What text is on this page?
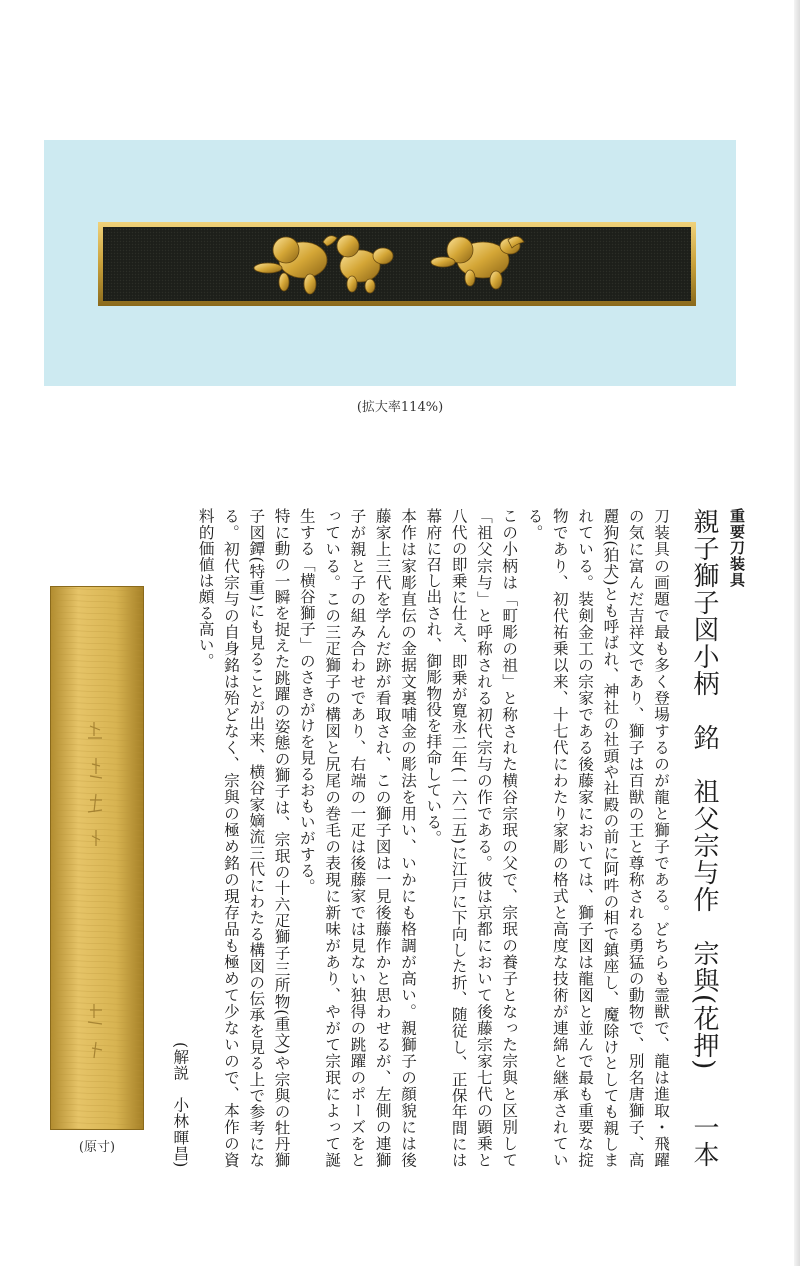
(拡大率114%)
(原寸)
重要刀装具
親子獅子図小柄　銘　祖父宗与作　宗與(花押)
一本

刀装具の画題で最も多く登場するのが龍と獅子である。どちらも霊獣で、龍は進取・飛躍の気に富んだ吉祥文であり、獅子は百獣の王と尊称される勇猛の動物で、別名唐獅子、高麗狗(狛犬)とも呼ばれ、神社の社頭や社殿の前に阿吽の相で鎮座し、魔除けとしても親しまれている。装剣金工の宗家である後藤家においては、獅子図は龍図と並んで最も重要な掟物であり、初代祐乗以来、十七代にわたり家彫の格式と高度な技術が連綿と継承されている。

この小柄は「町彫の祖」と称された横谷宗珉の父で、宗珉の養子となった宗與と区別して「祖父宗与」と呼称される初代宗与の作である。彼は京都において後藤宗家七代の顕乗と八代の即乗に仕え、即乗が寛永二年(一六二五)に江戸に下向した折、随従し、正保年間には幕府に召し出され、御彫物役を拝命している。

本作は家彫直伝の金据文裏哺金の彫法を用い、いかにも格調が高い。親獅子の顔貌には後藤家上三代を学んだ跡が看取され、この獅子図は一見後藤作かと思わせるが、左側の連獅子が親と子の組み合わせであり、右端の一疋は後藤家では見ない独得の跳躍のポーズをとっている。この三疋獅子の構図と尻尾の巻毛の表現に新味があり、やがて宗珉によって誕生する「横谷獅子」のさきがけを見るおもいがする。

特に動の一瞬を捉えた跳躍の姿態の獅子は、宗珉の十六疋獅子三所物(重文)や宗與の牡丹獅子図鐔(特重)にも見ることが出来、横谷家嫡流三代にわたる構図の伝承を見る上で参考になる。初代宗与の自身銘は殆どなく、宗與の極め銘の現存品も極めて少ないので、本作の資料的価値は頗る高い。

(解説　小林暉昌)
